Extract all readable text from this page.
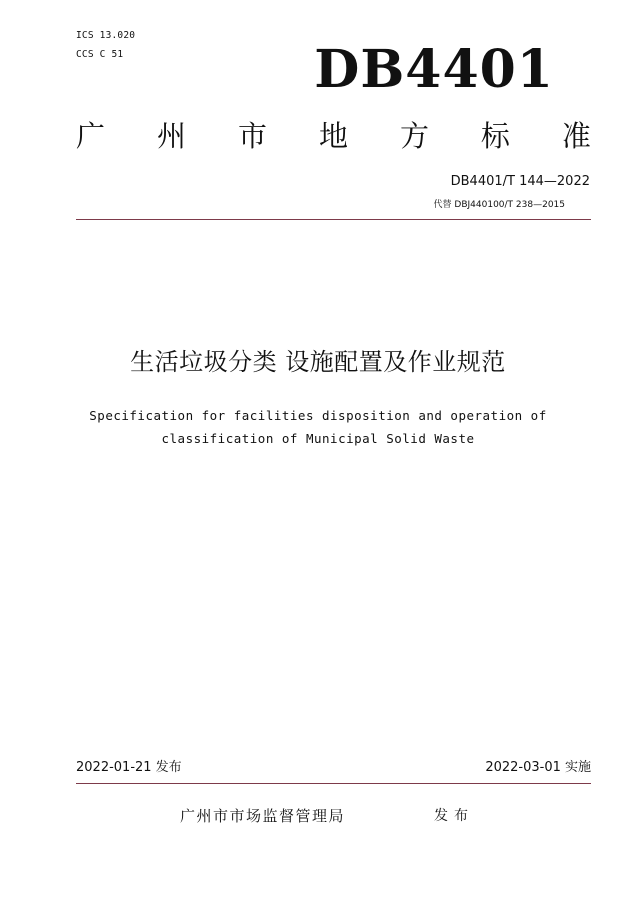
ICS 13.020
CCS C 51	DB4401
广 州 市 地 方 标 准
DB4401/T 144—2022
代替 DBJ440100/T 238—2015
生活垃圾分类 设施配置及作业规范
Specification for facilities disposition and operation of
classification of Municipal Solid Waste
2022-01-21 发布	2022-03-01 实施
广州市市场监督管理局	发布
